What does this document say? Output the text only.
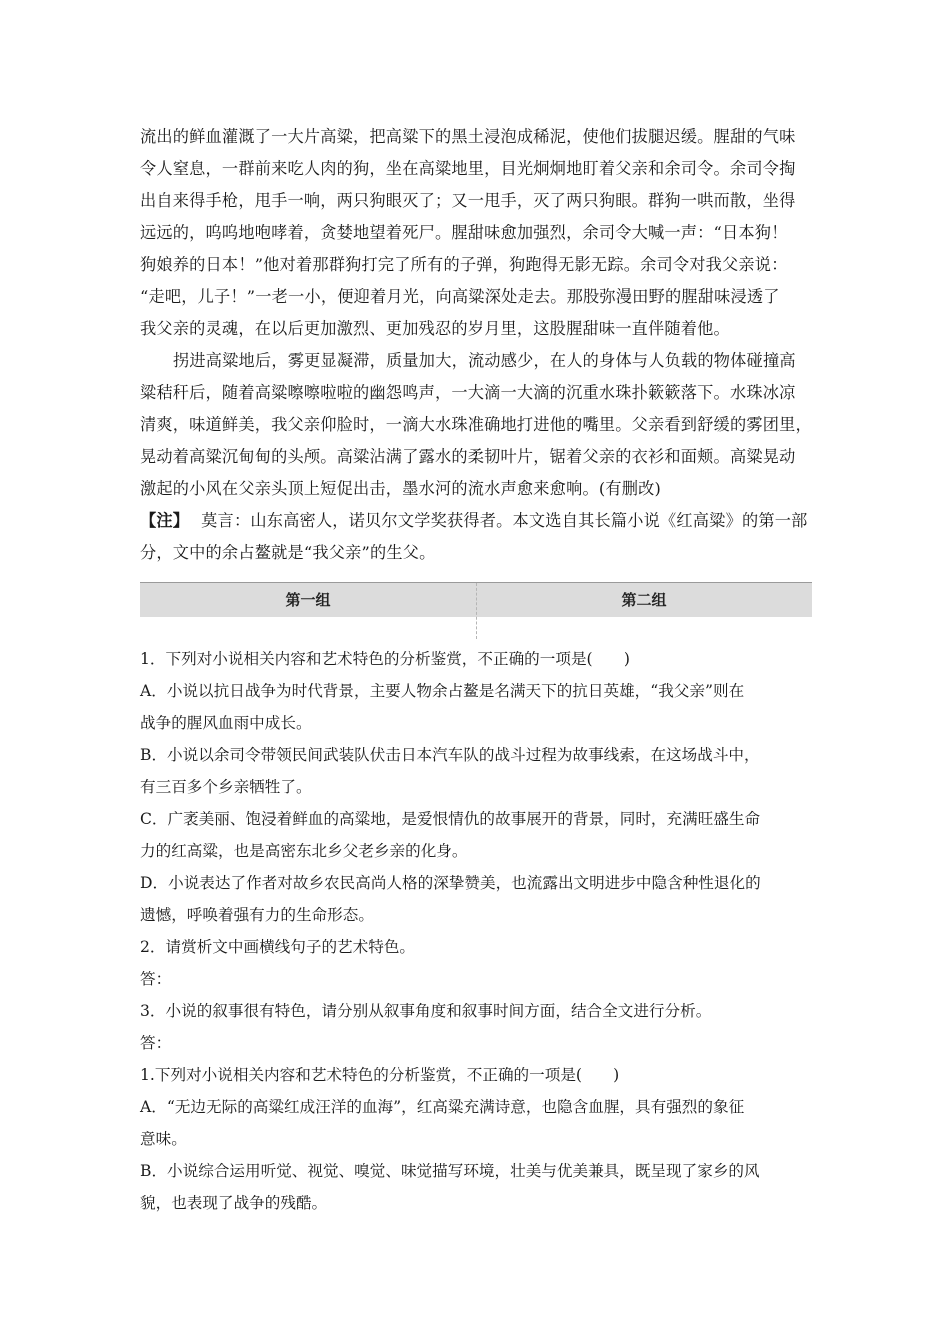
流出的鲜血灌溉了一大片高粱，把高粱下的黑土浸泡成稀泥，使他们拔腿迟缓。腥甜的气味
令人窒息，一群前来吃人肉的狗，坐在高粱地里，目光炯炯地盯着父亲和余司令。余司令掏
出自来得手枪，甩手一响，两只狗眼灭了；又一甩手，灭了两只狗眼。群狗一哄而散，坐得
远远的，呜呜地咆哮着，贪婪地望着死尸。腥甜味愈加强烈，余司令大喊一声：“日本狗！
狗娘养的日本！”他对着那群狗打完了所有的子弹，狗跑得无影无踪。余司令对我父亲说：
“走吧，儿子！”一老一小，便迎着月光，向高粱深处走去。那股弥漫田野的腥甜味浸透了
我父亲的灵魂，在以后更加激烈、更加残忍的岁月里，这股腥甜味一直伴随着他。
拐进高粱地后，雾更显凝滞，质量加大，流动感少，在人的身体与人负载的物体碰撞高
粱秸秆后，随着高粱嚓嚓啦啦的幽怨鸣声，一大滴一大滴的沉重水珠扑簌簌落下。水珠冰凉
清爽，味道鲜美，我父亲仰脸时，一滴大水珠准确地打进他的嘴里。父亲看到舒缓的雾团里，
晃动着高粱沉甸甸的头颅。高粱沾满了露水的柔韧叶片，锯着父亲的衣衫和面颊。高粱晃动
激起的小风在父亲头顶上短促出击，墨水河的流水声愈来愈响。(有删改)
【注】 莫言：山东高密人，诺贝尔文学奖获得者。本文选自其长篇小说《红高粱》的第一部
分，文中的余占鳌就是“我父亲”的生父。
第一组	第二组
1．下列对小说相关内容和艺术特色的分析鉴赏，不正确的一项是(　　)
A．小说以抗日战争为时代背景，主要人物余占鳌是名满天下的抗日英雄，“我父亲”则在
战争的腥风血雨中成长。
B．小说以余司令带领民间武装队伏击日本汽车队的战斗过程为故事线索，在这场战斗中，
有三百多个乡亲牺牲了。
C．广袤美丽、饱浸着鲜血的高粱地，是爱恨情仇的故事展开的背景，同时，充满旺盛生命
力的红高粱，也是高密东北乡父老乡亲的化身。
D．小说表达了作者对故乡农民高尚人格的深挚赞美，也流露出文明进步中隐含种性退化的
遗憾，呼唤着强有力的生命形态。
2．请赏析文中画横线句子的艺术特色。
答：
3．小说的叙事很有特色，请分别从叙事角度和叙事时间方面，结合全文进行分析。
答：
1.下列对小说相关内容和艺术特色的分析鉴赏，不正确的一项是(　　)
A．“无边无际的高粱红成汪洋的血海”，红高粱充满诗意，也隐含血腥，具有强烈的象征
意味。
B．小说综合运用听觉、视觉、嗅觉、味觉描写环境，壮美与优美兼具，既呈现了家乡的风
貌，也表现了战争的残酷。
